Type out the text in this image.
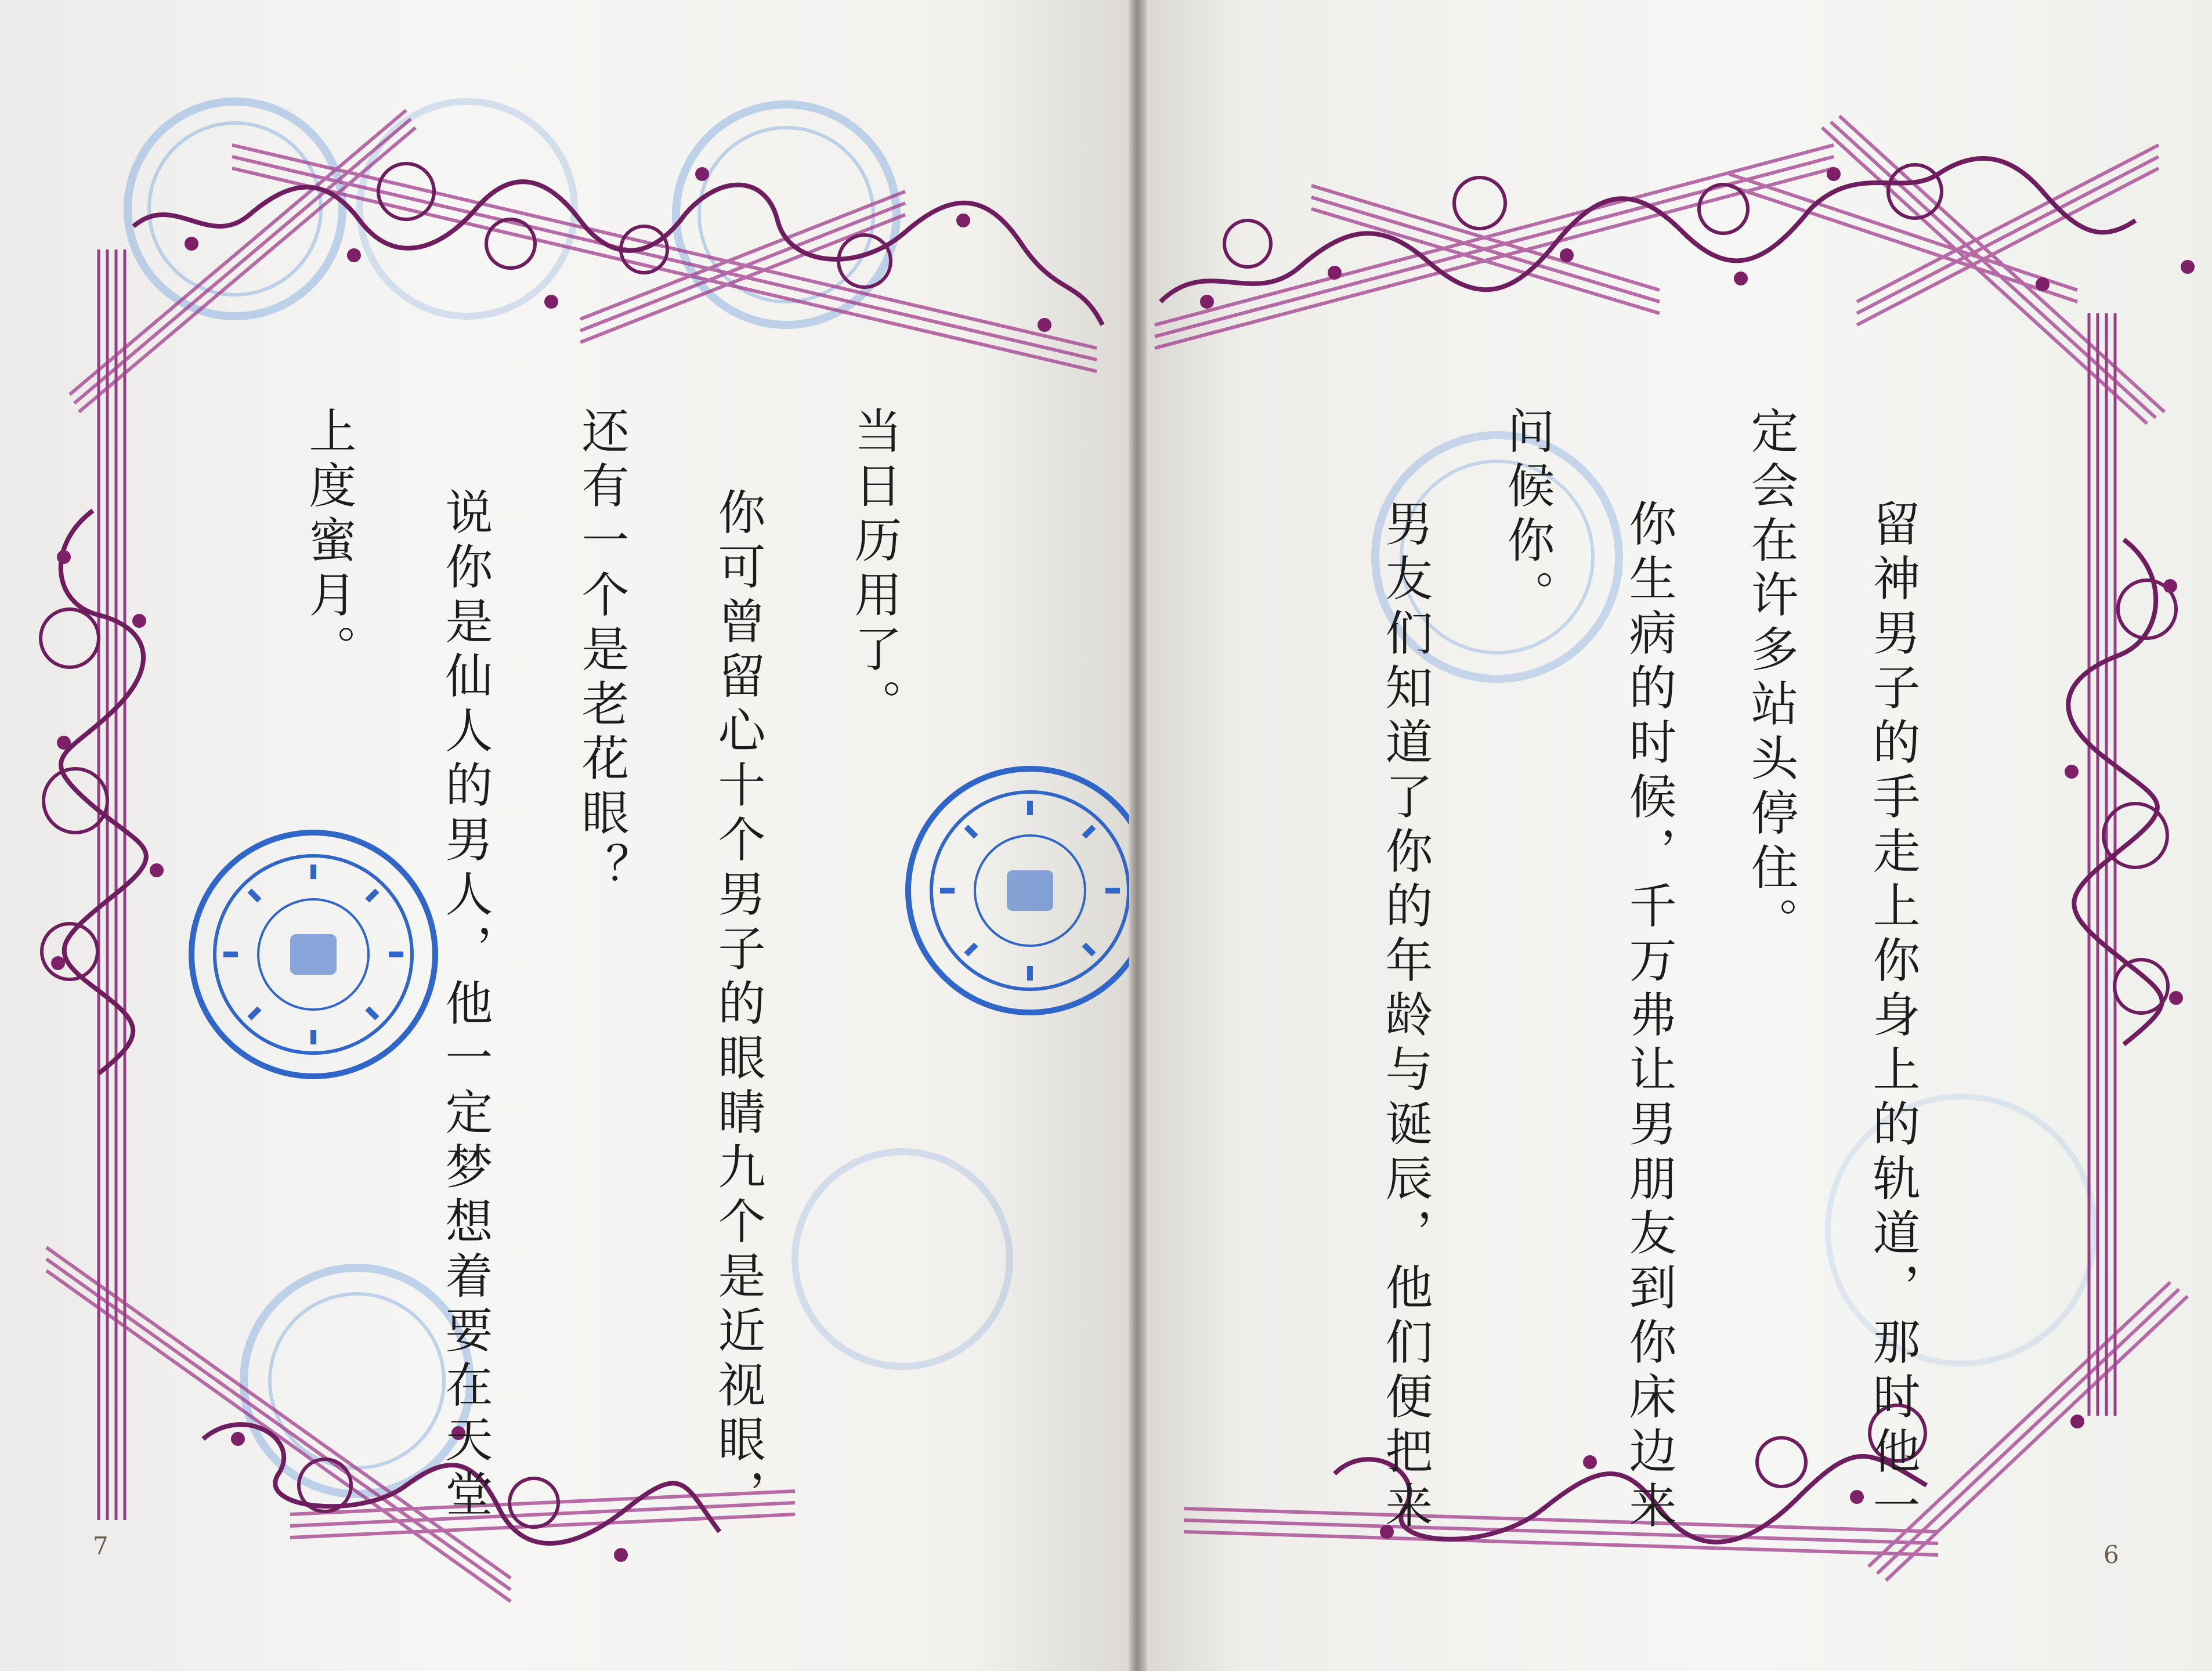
当日历用了。
你可曾留心十个男子的眼睛九个是近视眼，
还有一个是老花眼？
说你是仙人的男人，他一定梦想着要在天堂
上度蜜月。
7
留神男子的手走上你身上的轨道，那时他一
定会在许多站头停住。
你生病的时候，千万弗让男朋友到你床边来
问候你。
男友们知道了你的年龄与诞辰，他们便把来
6
